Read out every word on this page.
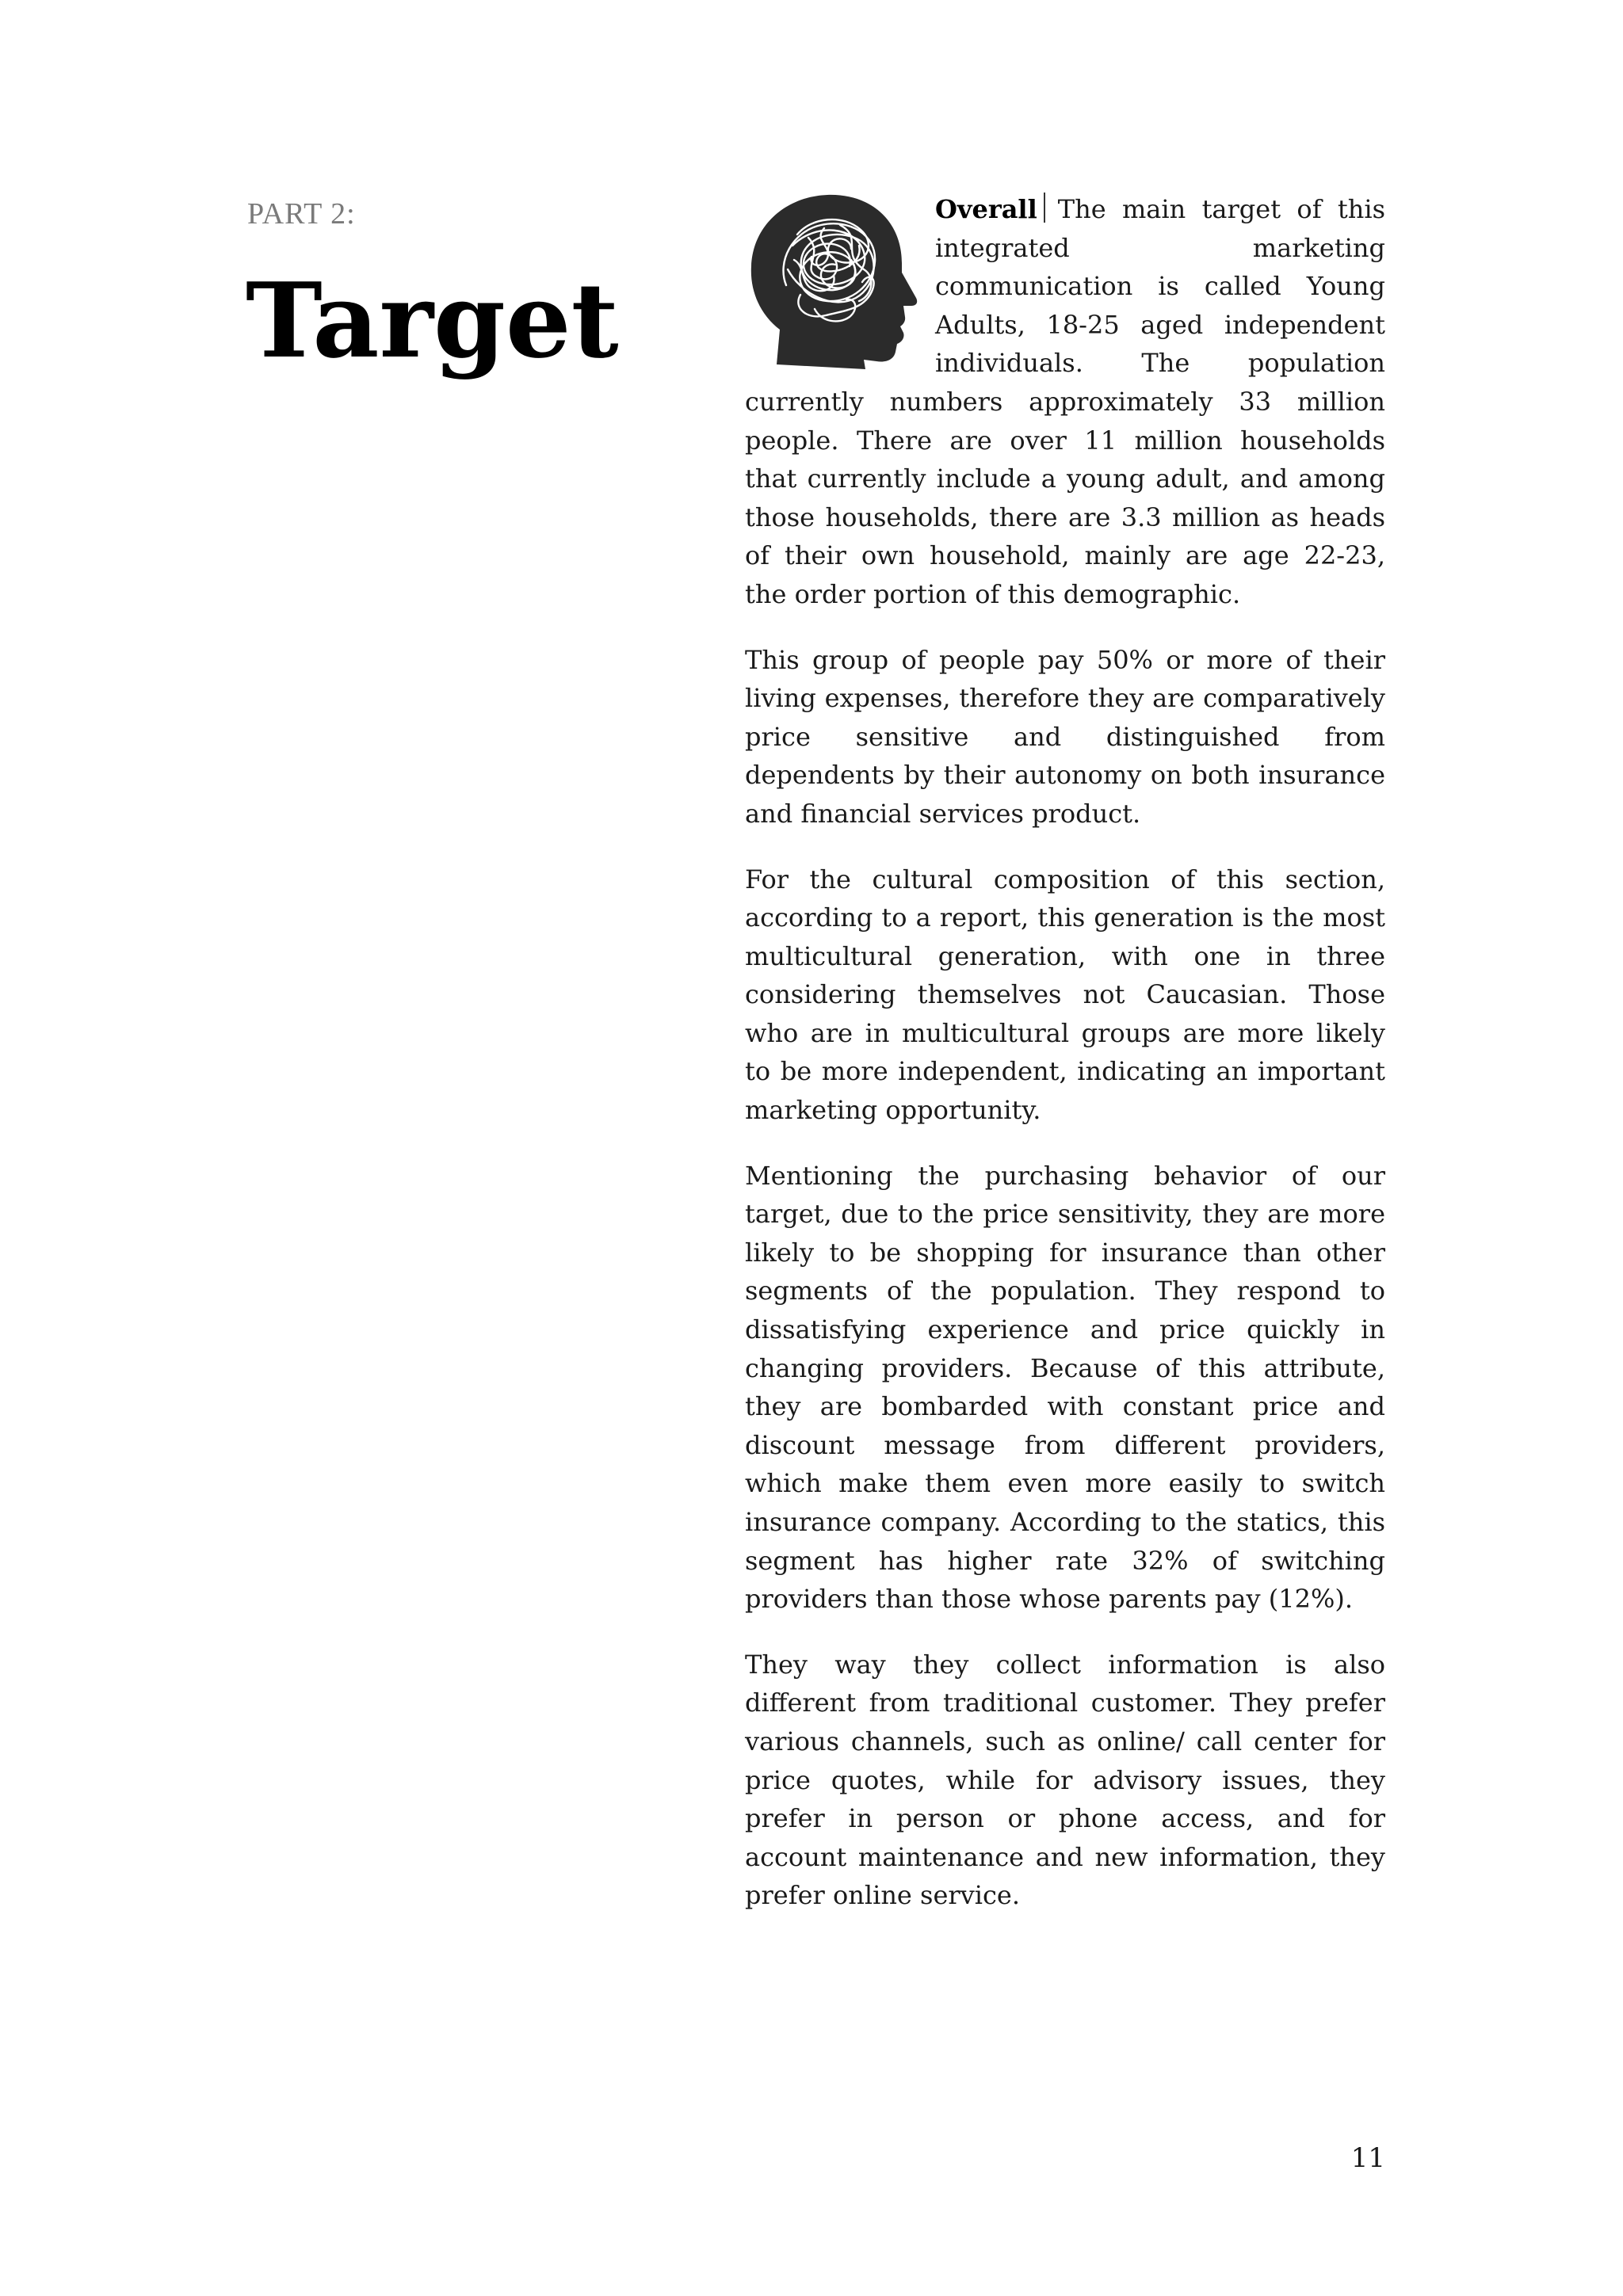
PART 2:
Target

Overall The main target of this integrated marketing communication is called Young Adults, 18-25 aged independent individuals. The population currently numbers approximately 33 million people. There are over 11 million households that currently include a young adult, and among those households, there are 3.3 million as heads of their own household, mainly are age 22-23, the order portion of this demographic.

This group of people pay 50% or more of their living expenses, therefore they are comparatively price sensitive and distinguished from dependents by their autonomy on both insurance and financial services product.

For the cultural composition of this section, according to a report, this generation is the most multicultural generation, with one in three considering themselves not Caucasian. Those who are in multicultural groups are more likely to be more independent, indicating an important marketing opportunity.

Mentioning the purchasing behavior of our target, due to the price sensitivity, they are more likely to be shopping for insurance than other segments of the population. They respond to dissatisfying experience and price quickly in changing providers. Because of this attribute, they are bombarded with constant price and discount message from different providers, which make them even more easily to switch insurance company. According to the statics, this segment has higher rate 32% of switching providers than those whose parents pay (12%).

They way they collect information is also different from traditional customer. They prefer various channels, such as online/ call center for price quotes, while for advisory issues, they prefer in person or phone access, and for account maintenance and new information, they prefer online service.

11
